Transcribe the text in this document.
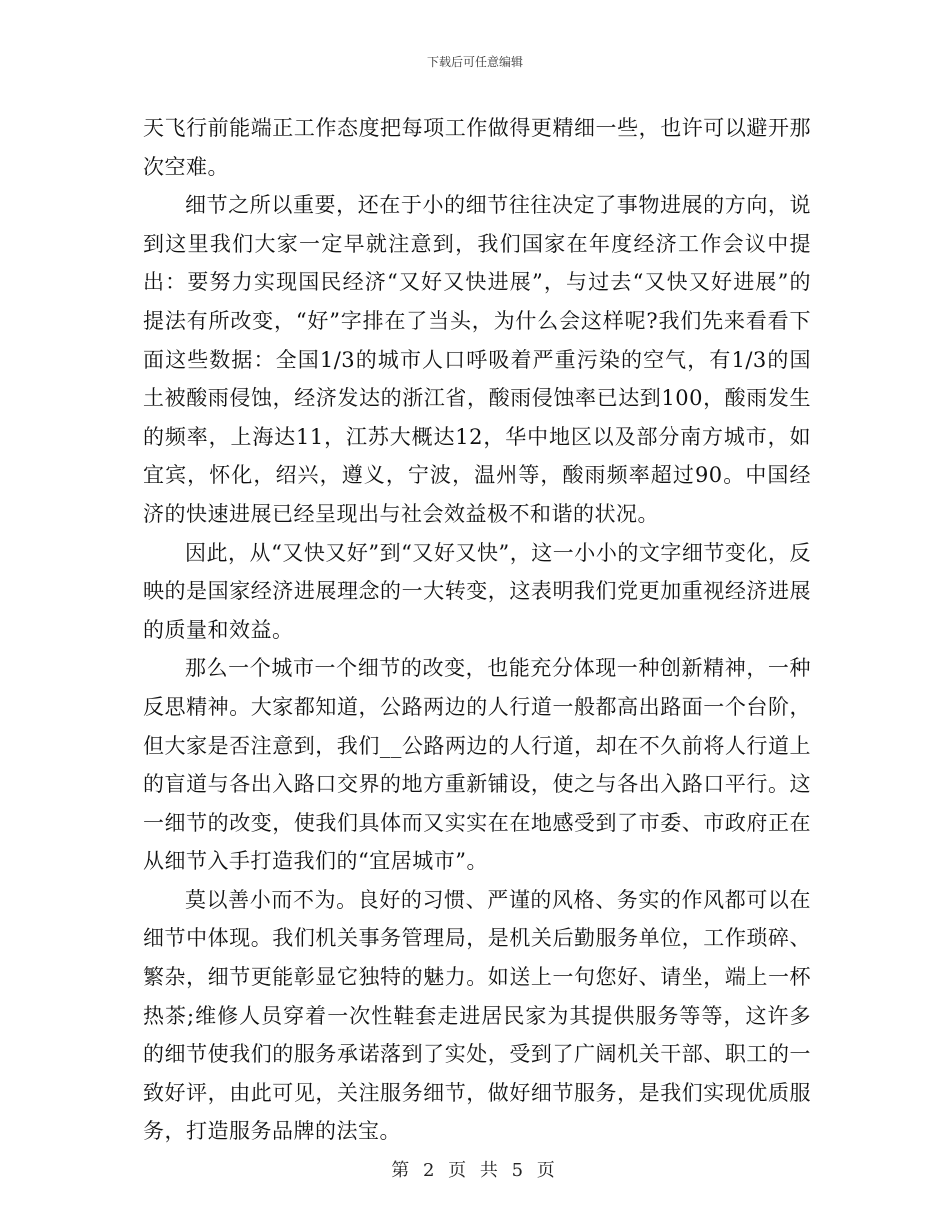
下载后可任意编辑

天飞行前能端正工作态度把每项工作做得更精细一些，也许可以避开那次空难。

细节之所以重要，还在于小的细节往往决定了事物进展的方向，说到这里我们大家一定早就注意到，我们国家在年度经济工作会议中提出：要努力实现国民经济“又好又快进展”，与过去“又快又好进展”的提法有所改变，“好”字排在了当头，为什么会这样呢?我们先来看看下面这些数据：全国1/3的城市人口呼吸着严重污染的空气，有1/3的国土被酸雨侵蚀，经济发达的浙江省，酸雨侵蚀率已达到100，酸雨发生的频率，上海达11，江苏大概达12，华中地区以及部分南方城市，如宜宾，怀化，绍兴，遵义，宁波，温州等，酸雨频率超过90。中国经济的快速进展已经呈现出与社会效益极不和谐的状况。

因此，从“又快又好”到“又好又快”，这一小小的文字细节变化，反映的是国家经济进展理念的一大转变，这表明我们党更加重视经济进展的质量和效益。

那么一个城市一个细节的改变，也能充分体现一种创新精神，一种反思精神。大家都知道，公路两边的人行道一般都高出路面一个台阶，但大家是否注意到，我们__公路两边的人行道，却在不久前将人行道上的盲道与各出入路口交界的地方重新铺设，使之与各出入路口平行。这一细节的改变，使我们具体而又实实在在地感受到了市委、市政府正在从细节入手打造我们的“宜居城市”。

莫以善小而不为。良好的习惯、严谨的风格、务实的作风都可以在细节中体现。我们机关事务管理局，是机关后勤服务单位，工作琐碎、繁杂，细节更能彰显它独特的魅力。如送上一句您好、请坐，端上一杯热茶;维修人员穿着一次性鞋套走进居民家为其提供服务等等，这许多的细节使我们的服务承诺落到了实处，受到了广阔机关干部、职工的一致好评，由此可见，关注服务细节，做好细节服务，是我们实现优质服务，打造服务品牌的法宝。

第 2 页 共 5 页
